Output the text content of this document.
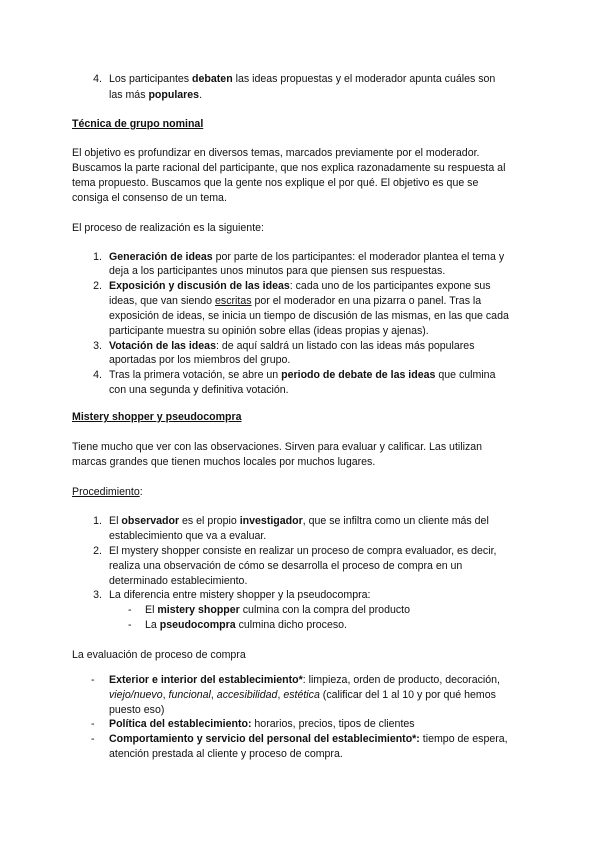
4. Los participantes debaten las ideas propuestas y el moderador apunta cuáles son
las más populares.
Técnica de grupo nominal
El objetivo es profundizar en diversos temas, marcados previamente por el moderador.
Buscamos la parte racional del participante, que nos explica razonadamente su respuesta al
tema propuesto. Buscamos que la gente nos explique el por qué. El objetivo es que se
consiga el consenso de un tema.
El proceso de realización es la siguiente:
1. Generación de ideas por parte de los participantes: el moderador plantea el tema y
deja a los participantes unos minutos para que piensen sus respuestas.
2. Exposición y discusión de las ideas: cada uno de los participantes expone sus
ideas, que van siendo escritas por el moderador en una pizarra o panel. Tras la
exposición de ideas, se inicia un tiempo de discusión de las mismas, en las que cada
participante muestra su opinión sobre ellas (ideas propias y ajenas).
3. Votación de las ideas: de aquí saldrá un listado con las ideas más populares
aportadas por los miembros del grupo.
4. Tras la primera votación, se abre un periodo de debate de las ideas que culmina
con una segunda y definitiva votación.
Mistery shopper y pseudocompra
Tiene mucho que ver con las observaciones. Sirven para evaluar y calificar. Las utilizan
marcas grandes que tienen muchos locales por muchos lugares.
Procedimiento:
1. El observador es el propio investigador, que se infiltra como un cliente más del
establecimiento que va a evaluar.
2. El mystery shopper consiste en realizar un proceso de compra evaluador, es decir,
realiza una observación de cómo se desarrolla el proceso de compra en un
determinado establecimiento.
3. La diferencia entre mistery shopper y la pseudocompra:
- El mistery shopper culmina con la compra del producto
- La pseudocompra culmina dicho proceso.
La evaluación de proceso de compra
- Exterior e interior del establecimiento*: limpieza, orden de producto, decoración,
viejo/nuevo, funcional, accesibilidad, estética (calificar del 1 al 10 y por qué hemos
puesto eso)
- Política del establecimiento: horarios, precios, tipos de clientes
- Comportamiento y servicio del personal del establecimiento*: tiempo de espera,
atención prestada al cliente y proceso de compra.
